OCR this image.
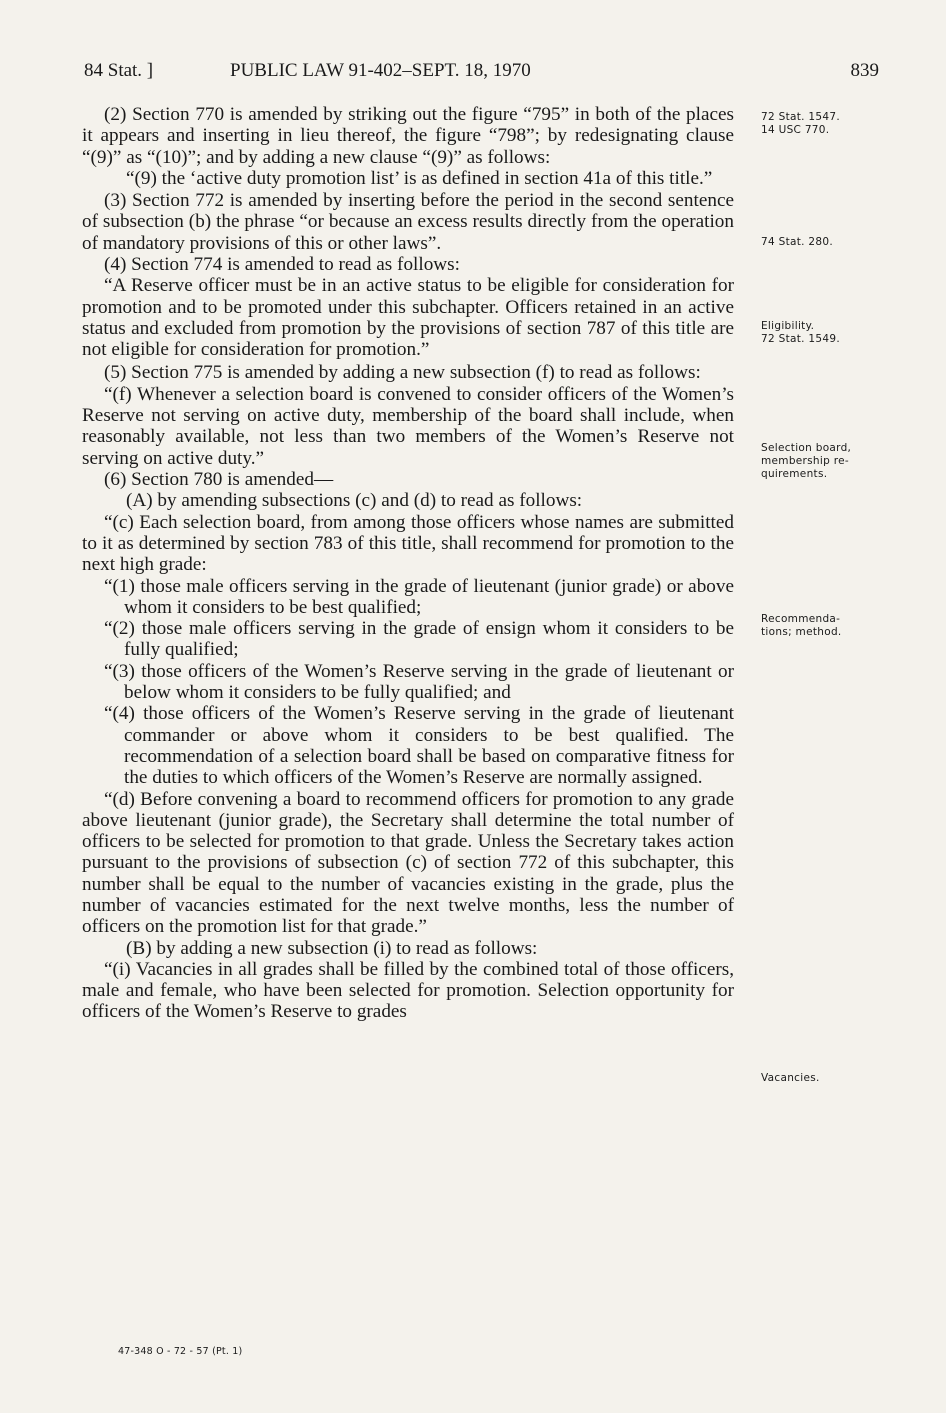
84 Stat. ]	PUBLIC LAW 91-402–SEPT. 18, 1970	839

(2) Section 770 is amended by striking out the figure “795” in both of the places it appears and inserting in lieu thereof, the figure “798”; by redesignating clause “(9)” as “(10)”; and by adding a new clause “(9)” as follows:

“(9) the ‘active duty promotion list’ is as defined in section 41a of this title.”

(3) Section 772 is amended by inserting before the period in the second sentence of subsection (b) the phrase “or because an excess results directly from the operation of mandatory provisions of this or other laws”.

(4) Section 774 is amended to read as follows:

“A Reserve officer must be in an active status to be eligible for consideration for promotion and to be promoted under this subchapter. Officers retained in an active status and excluded from promotion by the provisions of section 787 of this title are not eligible for consideration for promotion.”

(5) Section 775 is amended by adding a new subsection (f) to read as follows:

“(f) Whenever a selection board is convened to consider officers of the Women’s Reserve not serving on active duty, membership of the board shall include, when reasonably available, not less than two members of the Women’s Reserve not serving on active duty.”

(6) Section 780 is amended—

(A) by amending subsections (c) and (d) to read as follows:

“(c) Each selection board, from among those officers whose names are submitted to it as determined by section 783 of this title, shall recommend for promotion to the next high grade:

“(1) those male officers serving in the grade of lieutenant (junior grade) or above whom it considers to be best qualified;

“(2) those male officers serving in the grade of ensign whom it considers to be fully qualified;

“(3) those officers of the Women’s Reserve serving in the grade of lieutenant or below whom it considers to be fully qualified; and

“(4) those officers of the Women’s Reserve serving in the grade of lieutenant commander or above whom it considers to be best qualified. The recommendation of a selection board shall be based on comparative fitness for the duties to which officers of the Women’s Reserve are normally assigned.

“(d) Before convening a board to recommend officers for promotion to any grade above lieutenant (junior grade), the Secretary shall determine the total number of officers to be selected for promotion to that grade. Unless the Secretary takes action pursuant to the provisions of subsection (c) of section 772 of this subchapter, this number shall be equal to the number of vacancies existing in the grade, plus the number of vacancies estimated for the next twelve months, less the number of officers on the promotion list for that grade.”

(B) by adding a new subsection (i) to read as follows:

“(i) Vacancies in all grades shall be filled by the combined total of those officers, male and female, who have been selected for promotion. Selection opportunity for officers of the Women’s Reserve to grades

72 Stat. 1547.
14 USC 770.
74 Stat. 280.
Eligibility.
72 Stat. 1549.
Selection board,
membership re-
quirements.
Recommenda-
tions; method.
Vacancies.
47-348 O - 72 - 57 (Pt. 1)
